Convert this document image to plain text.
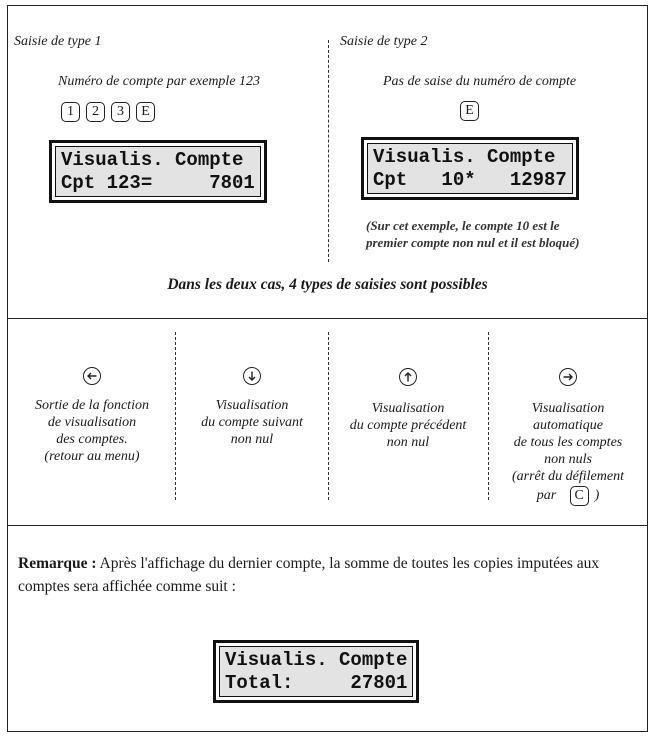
Saisie de type 1
Numéro de compte par exemple 123
1 2 3 E
Visualis. Compte
Cpt 123=     7801
Saisie de type 2
Pas de saise du numéro de compte
E
Visualis. Compte
Cpt   10*   12987
(Sur cet exemple, le compte 10 est le
premier compte non nul et il est bloqué)
Dans les deux cas, 4 types de saisies sont possibles
Sortie de la fonction
de visualisation
des comptes.
(retour au menu)
Visualisation
du compte suivant
non nul
Visualisation
du compte précédent
non nul
Visualisation
automatique
de tous les comptes
non nuls
(arrêt du défilement
par C )
Remarque : Après l'affichage du dernier compte, la somme de toutes les copies imputées aux comptes sera affichée comme suit :
Visualis. Compte
Total:     27801
